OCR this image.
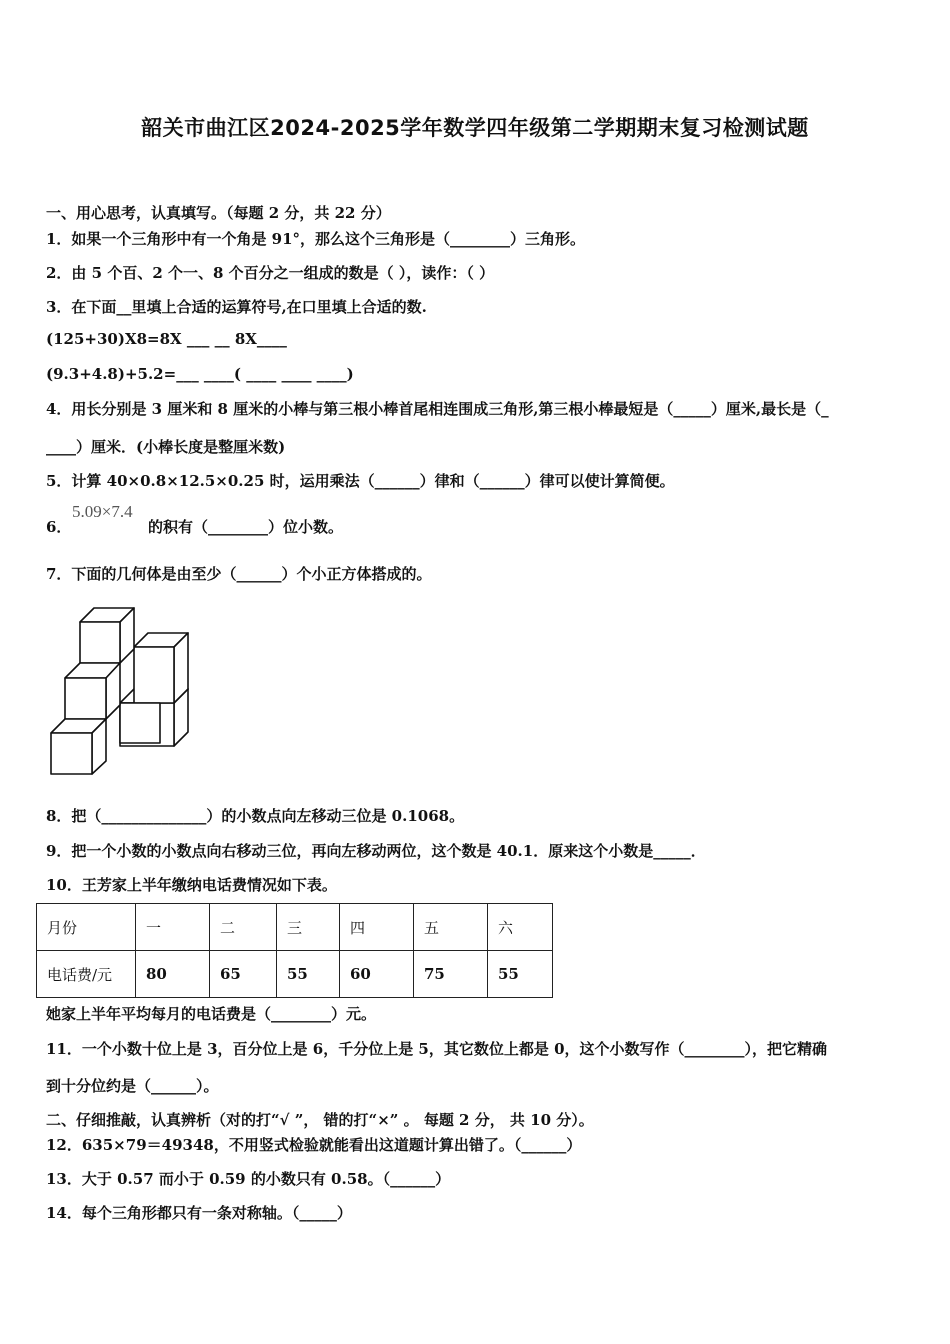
韶关市曲江区2024-2025学年数学四年级第二学期期末复习检测试题
一、用心思考，认真填写。（每题 2 分，共 22 分）
1．如果一个三角形中有一个角是 91°，那么这个三角形是（________）三角形。
2．由 5 个百、2 个一、8 个百分之一组成的数是（ ），读作：（ ）
3．在下面__里填上合适的运算符号,在口里填上合适的数.
(125+30)X8=8X ___ __ 8X____
(9.3+4.8)+5.2=___ ____( ____ ____ ____)
4．用长分别是 3 厘米和 8 厘米的小棒与第三根小棒首尾相连围成三角形,第三根小棒最短是（_____）厘米,最长是（_
____）厘米．(小棒长度是整厘米数)
5．计算 40×0.8×12.5×0.25 时，运用乘法（______）律和（______）律可以使计算简便。
6．
5.09×7.4
的积有（________）位小数。
7．下面的几何体是由至少（______）个小正方体搭成的。
8．把（______________）的小数点向左移动三位是 0.1068。
9．把一个小数的小数点向右移动三位，再向左移动两位，这个数是 40.1．原来这个小数是_____．
10．王芳家上半年缴纳电话费情况如下表。
月份	一	二	三	四	五	六
电话费/元	80	65	55	60	75	55
她家上半年平均每月的电话费是（________）元。
11．一个小数十位上是 3，百分位上是 6，千分位上是 5，其它数位上都是 0，这个小数写作（________），把它精确
到十分位约是（______）。
二、仔细推敲，认真辨析（对的打“√ ”， 错的打“×” 。 每题 2 分， 共 10 分）。
12．635×79＝49348，不用竖式检验就能看出这道题计算出错了。（______）
13．大于 0.57 而小于 0.59 的小数只有 0.58。（______）
14．每个三角形都只有一条对称轴。（_____）
